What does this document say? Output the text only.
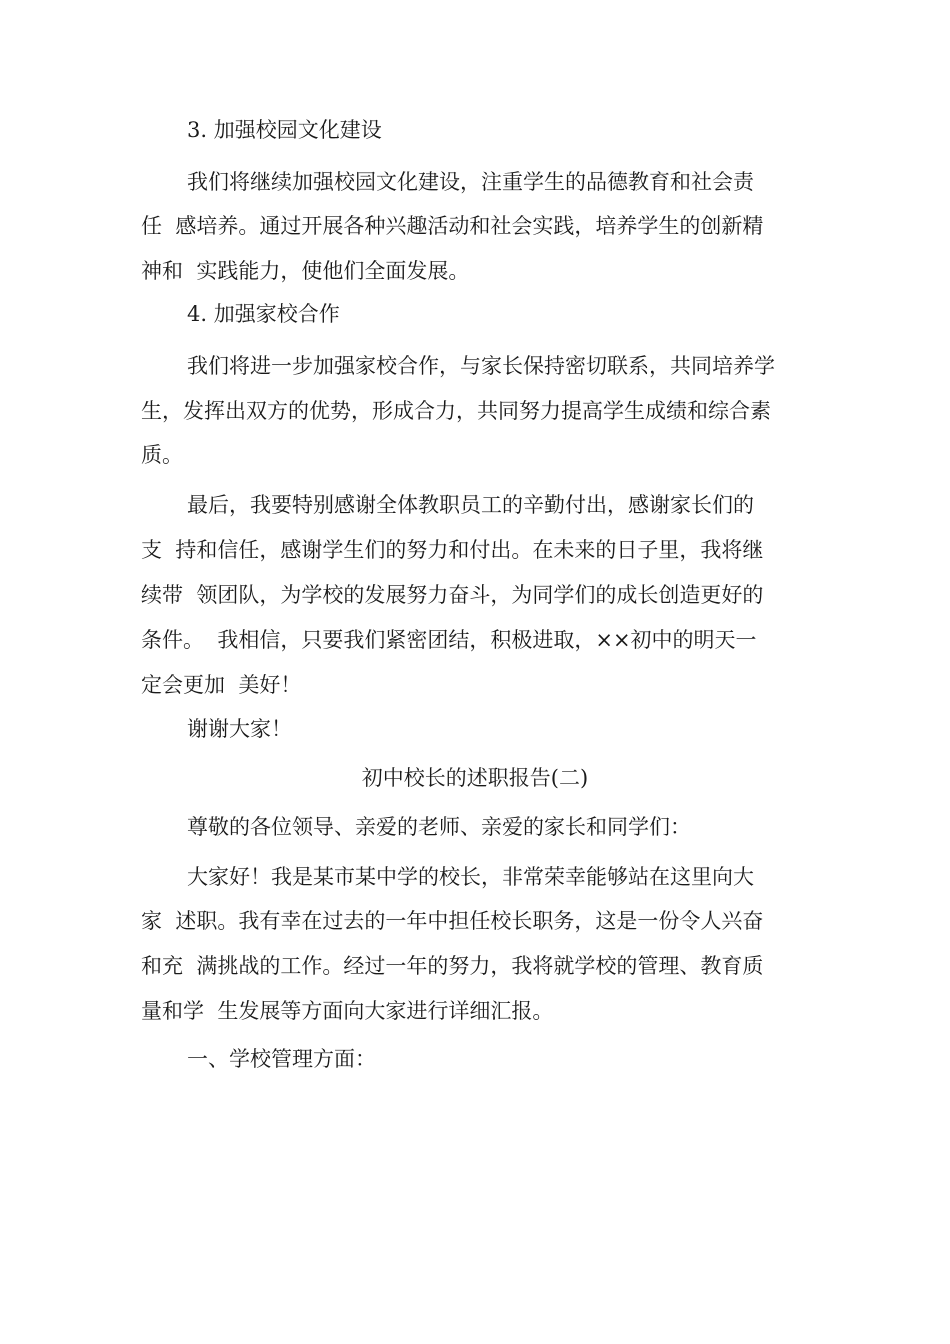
3. 加强校园文化建设
我们将继续加强校园文化建设，注重学生的品德教育和社会责
任  感培养。通过开展各种兴趣活动和社会实践，培养学生的创新精
神和  实践能力，使他们全面发展。
4. 加强家校合作
我们将进一步加强家校合作，与家长保持密切联系，共同培养学
生，发挥出双方的优势，形成合力，共同努力提高学生成绩和综合素
质。
最后，我要特别感谢全体教职员工的辛勤付出，感谢家长们的
支  持和信任，感谢学生们的努力和付出。在未来的日子里，我将继
续带  领团队，为学校的发展努力奋斗，为同学们的成长创造更好的
条件。  我相信，只要我们紧密团结，积极进取，××初中的明天一
定会更加  美好！
谢谢大家！
初中校长的述职报告(二)
尊敬的各位领导、亲爱的老师、亲爱的家长和同学们：
大家好！我是某市某中学的校长，非常荣幸能够站在这里向大
家  述职。我有幸在过去的一年中担任校长职务，这是一份令人兴奋
和充  满挑战的工作。经过一年的努力，我将就学校的管理、教育质
量和学  生发展等方面向大家进行详细汇报。
一、学校管理方面：
